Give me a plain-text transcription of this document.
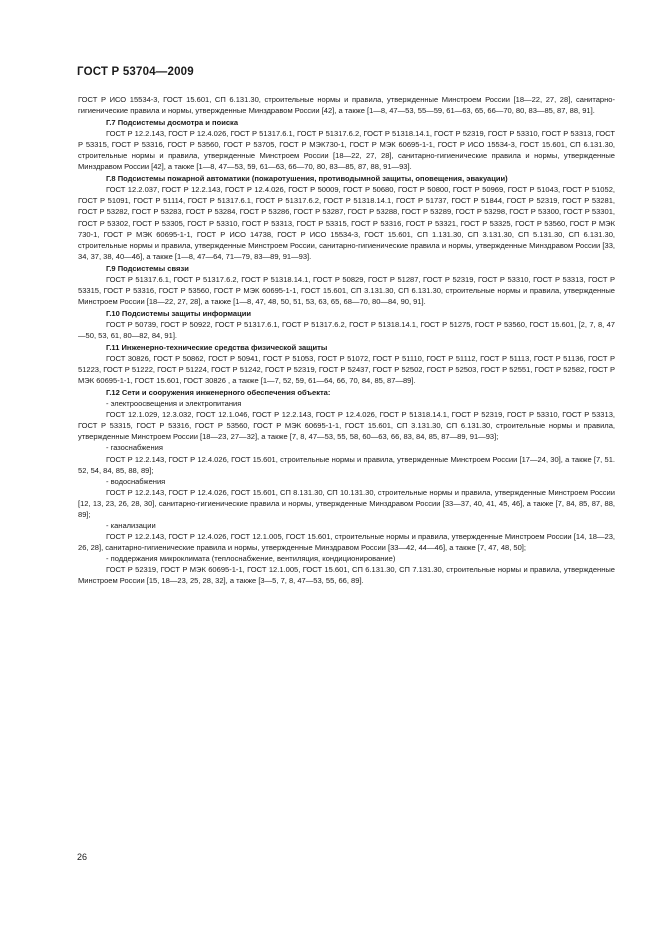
ГОСТ Р 53704—2009

ГОСТ Р ИСО 15534-3, ГОСТ 15.601, СП 6.131.30, строительные нормы и правила, утвержденные Минстроем России [18—22, 27, 28], санитарно-гигиенические правила и нормы, утвержденные Минздравом России [42], а также [1—8, 47—53, 55—59, 61—63, 65, 66—70, 80, 83—85, 87, 88, 91].

Г.7 Подсистемы досмотра и поиска

ГОСТ Р 12.2.143, ГОСТ Р 12.4.026, ГОСТ Р 51317.6.1, ГОСТ Р 51317.6.2, ГОСТ Р 51318.14.1, ГОСТ Р 52319, ГОСТ Р 53310, ГОСТ Р 53313, ГОСТ Р 53315, ГОСТ Р 53316, ГОСТ Р 53560, ГОСТ Р 53705, ГОСТ Р МЭК730-1, ГОСТ Р МЭК 60695-1-1, ГОСТ Р ИСО 15534-3, ГОСТ 15.601, СП 6.131.30, строительные нормы и правила, утвержденные Минстроем России [18—22, 27, 28], санитарно-гигиенические правила и нормы, утвержденные Минздравом России [42], а также [1—8, 47—53, 59, 61—63, 66—70, 80, 83—85, 87, 88, 91—93].

Г.8 Подсистемы пожарной автоматики (пожаротушения, противодымной защиты, оповещения, эвакуации)

ГОСТ 12.2.037, ГОСТ Р 12.2.143, ГОСТ Р 12.4.026, ГОСТ Р 50009, ГОСТ Р 50680, ГОСТ Р 50800, ГОСТ Р 50969, ГОСТ Р 51043, ГОСТ Р 51052, ГОСТ Р 51091, ГОСТ Р 51114, ГОСТ Р 51317.6.1, ГОСТ Р 51317.6.2, ГОСТ Р 51318.14.1, ГОСТ Р 51737, ГОСТ Р 51844, ГОСТ Р 52319, ГОСТ Р 53281, ГОСТ Р 53282, ГОСТ Р 53283, ГОСТ Р 53284, ГОСТ Р 53286, ГОСТ Р 53287, ГОСТ Р 53288, ГОСТ Р 53289, ГОСТ Р 53298, ГОСТ Р 53300, ГОСТ Р 53301, ГОСТ Р 53302, ГОСТ Р 53305, ГОСТ Р 53310, ГОСТ Р 53313, ГОСТ Р 53315, ГОСТ Р 53316, ГОСТ Р 53321, ГОСТ Р 53325, ГОСТ Р 53560, ГОСТ Р МЭК 730-1, ГОСТ Р МЭК 60695-1-1, ГОСТ Р ИСО 14738, ГОСТ Р ИСО 15534-3, ГОСТ 15.601, СП 1.131.30, СП 3.131.30, СП 5.131.30, СП 6.131.30, строительные нормы и правила, утвержденные Минстроем России, санитарно-гигиенические правила и нормы, утвержденные Минздравом России [33, 34, 37, 38, 40—46], а также [1—8, 47—64, 71—79, 83—89, 91—93].

Г.9 Подсистемы связи

ГОСТ Р 51317.6.1, ГОСТ Р 51317.6.2, ГОСТ Р 51318.14.1, ГОСТ Р 50829, ГОСТ Р 51287, ГОСТ Р 52319, ГОСТ Р 53310, ГОСТ Р 53313, ГОСТ Р 53315, ГОСТ Р 53316, ГОСТ Р 53560, ГОСТ Р МЭК 60695-1-1, ГОСТ 15.601, СП 3.131.30, СП 6.131.30, строительные нормы и правила, утвержденные Минстроем России [18—22, 27, 28], а также [1—8, 47, 48, 50, 51, 53, 63, 65, 68—70, 80—84, 90, 91].

Г.10 Подсистемы защиты информации

ГОСТ Р 50739, ГОСТ Р 50922, ГОСТ Р 51317.6.1, ГОСТ Р 51317.6.2, ГОСТ Р 51318.14.1, ГОСТ Р 51275, ГОСТ Р 53560, ГОСТ 15.601, [2, 7, 8, 47—50, 53, 61, 80—82, 84, 91].

Г.11 Инженерно-технические средства физической защиты

ГОСТ 30826, ГОСТ Р 50862, ГОСТ Р 50941, ГОСТ Р 51053, ГОСТ Р 51072, ГОСТ Р 51110, ГОСТ Р 51112, ГОСТ Р 51113, ГОСТ Р 51136, ГОСТ Р 51223, ГОСТ Р 51222, ГОСТ Р 51224, ГОСТ Р 51242, ГОСТ Р 52319, ГОСТ Р 52437, ГОСТ Р 52502, ГОСТ Р 52503, ГОСТ Р 52551, ГОСТ Р 52582, ГОСТ Р МЭК 60695-1-1, ГОСТ 15.601, ГОСТ 30826 , а также [1—7, 52, 59, 61—64, 66, 70, 84, 85, 87—89].

Г.12 Сети и сооружения инженерного обеспечения объекта:

- электроосвещения и электропитания

ГОСТ 12.1.029, 12.3.032, ГОСТ 12.1.046, ГОСТ Р 12.2.143, ГОСТ Р 12.4.026, ГОСТ Р 51318.14.1, ГОСТ Р 52319, ГОСТ Р 53310, ГОСТ Р 53313, ГОСТ Р 53315, ГОСТ Р 53316, ГОСТ Р 53560, ГОСТ Р МЭК 60695-1-1, ГОСТ 15.601, СП 3.131.30, СП 6.131.30, строительные нормы и правила, утвержденные Минстроем России [18—23, 27—32], а также [7, 8, 47—53, 55, 58, 60—63, 66, 83, 84, 85, 87—89, 91—93];

- газоснабжения

ГОСТ Р 12.2.143, ГОСТ Р 12.4.026, ГОСТ 15.601, строительные нормы и правила, утвержденные Минстроем России [17—24, 30], а также [7, 51. 52, 54, 84, 85, 88, 89];

- водоснабжения

ГОСТ Р 12.2.143, ГОСТ Р 12.4.026, ГОСТ 15.601, СП 8.131.30, СП 10.131.30, строительные нормы и правила, утвержденные Минстроем России [12, 13, 23, 26, 28, 30], санитарно-гигиенические правила и нормы, утвержденные Минздравом России [33—37, 40, 41, 45, 46], а также [7, 84, 85, 87, 88, 89];

- канализации

ГОСТ Р 12.2.143, ГОСТ Р 12.4.026, ГОСТ 12.1.005, ГОСТ 15.601, строительные нормы и правила, утвержденные Минстроем России [14, 18—23, 26, 28], санитарно-гигиенические правила и нормы, утвержденные Минздравом России [33—42, 44—46], а также [7, 47, 48, 50];

- поддержания микроклимата (теплоснабжение, вентиляция, кондиционирование)

ГОСТ Р 52319, ГОСТ Р МЭК 60695-1-1, ГОСТ 12.1.005, ГОСТ 15.601, СП 6.131.30, СП 7.131.30, строительные нормы и правила, утвержденные Минстроем России [15, 18—23, 25, 28, 32], а также [3—5, 7, 8, 47—53, 55, 66, 89].

26
